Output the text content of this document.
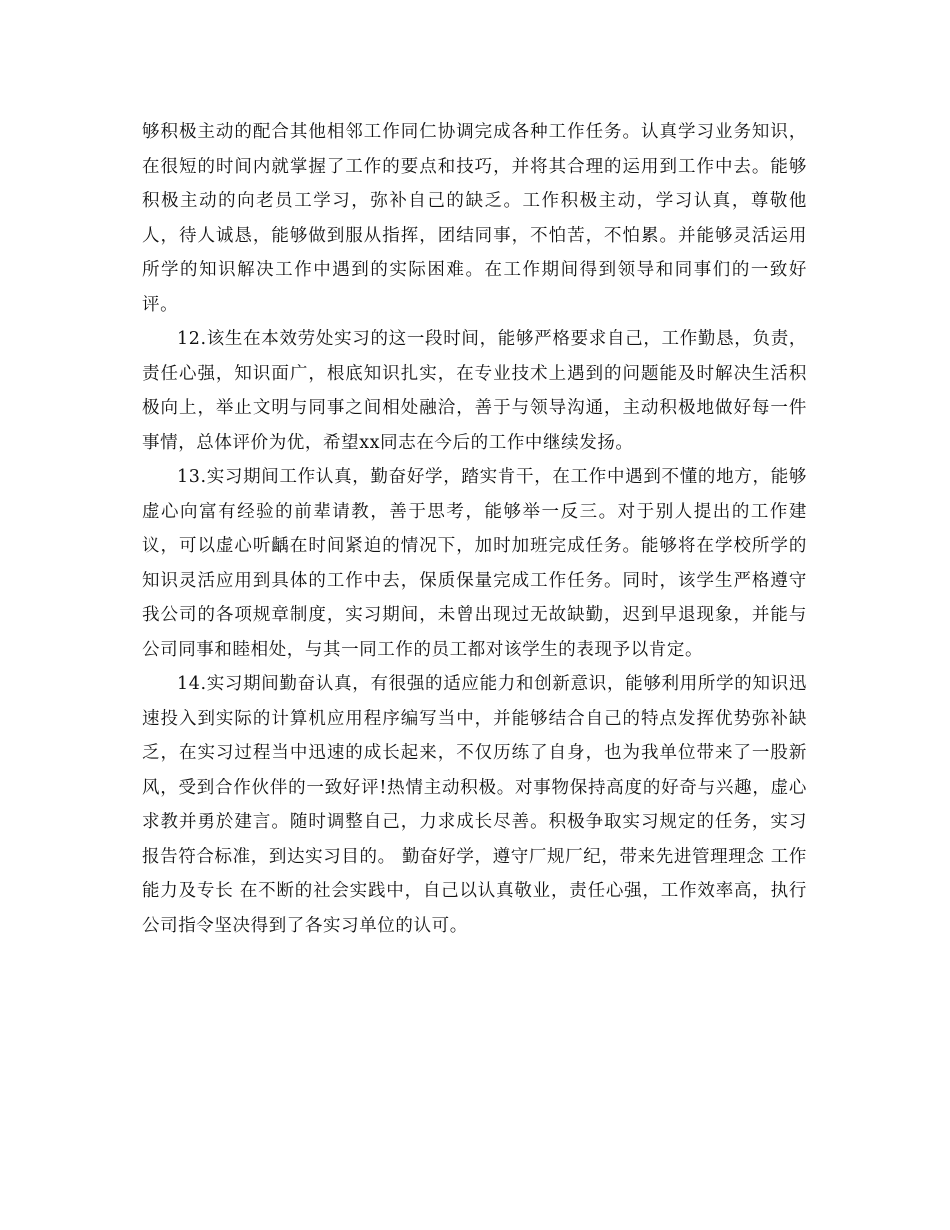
够积极主动的配合其他相邻工作同仁协调完成各种工作任务。认真学习业务知识，在很短的时间内就掌握了工作的要点和技巧，并将其合理的运用到工作中去。能够积极主动的向老员工学习，弥补自己的缺乏。工作积极主动，学习认真，尊敬他人，待人诚恳，能够做到服从指挥，团结同事，不怕苦，不怕累。并能够灵活运用所学的知识解决工作中遇到的实际困难。在工作期间得到领导和同事们的一致好评。

12.该生在本效劳处实习的这一段时间，能够严格要求自己，工作勤恳，负责，责任心强，知识面广，根底知识扎实，在专业技术上遇到的问题能及时解决生活积极向上，举止文明与同事之间相处融洽，善于与领导沟通，主动积极地做好每一件事情，总体评价为优，希望xx同志在今后的工作中继续发扬。

13.实习期间工作认真，勤奋好学，踏实肯干，在工作中遇到不懂的地方，能够虚心向富有经验的前辈请教，善于思考，能够举一反三。对于别人提出的工作建议，可以虚心听齲在时间紧迫的情况下，加时加班完成任务。能够将在学校所学的知识灵活应用到具体的工作中去，保质保量完成工作任务。同时，该学生严格遵守我公司的各项规章制度，实习期间，未曾出现过无故缺勤，迟到早退现象，并能与公司同事和睦相处，与其一同工作的员工都对该学生的表现予以肯定。

14.实习期间勤奋认真，有很强的适应能力和创新意识，能够利用所学的知识迅速投入到实际的计算机应用程序编写当中，并能够结合自己的特点发挥优势弥补缺乏，在实习过程当中迅速的成长起来，不仅历练了自身，也为我单位带来了一股新风，受到合作伙伴的一致好评!热情主动积极。对事物保持高度的好奇与兴趣，虚心求教并勇於建言。随时调整自己，力求成长尽善。积极争取实习规定的任务，实习报告符合标准，到达实习目的。 勤奋好学，遵守厂规厂纪，带来先进管理理念 工作能力及专长 在不断的社会实践中，自己以认真敬业，责任心强，工作效率高，执行公司指令坚决得到了各实习单位的认可。
